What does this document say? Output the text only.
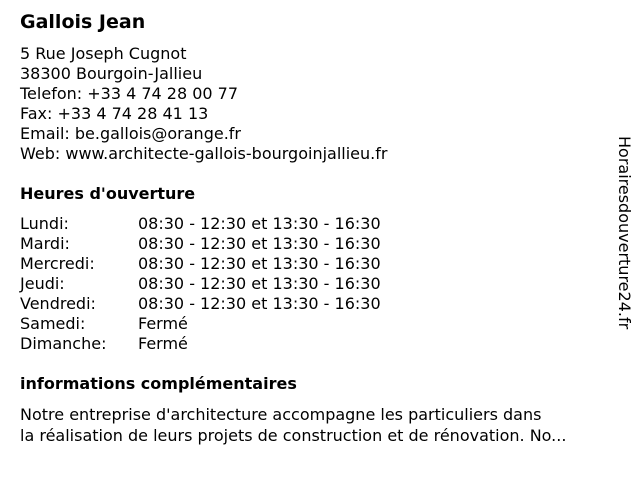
Gallois Jean
5 Rue Joseph Cugnot
38300 Bourgoin-Jallieu
Telefon: +33 4 74 28 00 77
Fax: +33 4 74 28 41 13
Email: be.gallois@orange.fr
Web: www.architecte-gallois-bourgoinjallieu.fr
Heures d'ouverture
Lundi:	08:30 - 12:30 et 13:30 - 16:30
Mardi:	08:30 - 12:30 et 13:30 - 16:30
Mercredi:	08:30 - 12:30 et 13:30 - 16:30
Jeudi:	08:30 - 12:30 et 13:30 - 16:30
Vendredi:	08:30 - 12:30 et 13:30 - 16:30
Samedi:	Fermé
Dimanche: Fermé
informations complémentaires
Notre entreprise d'architecture accompagne les particuliers dans
la réalisation de leurs projets de construction et de rénovation. No...
Horairesdouverture24.fr
